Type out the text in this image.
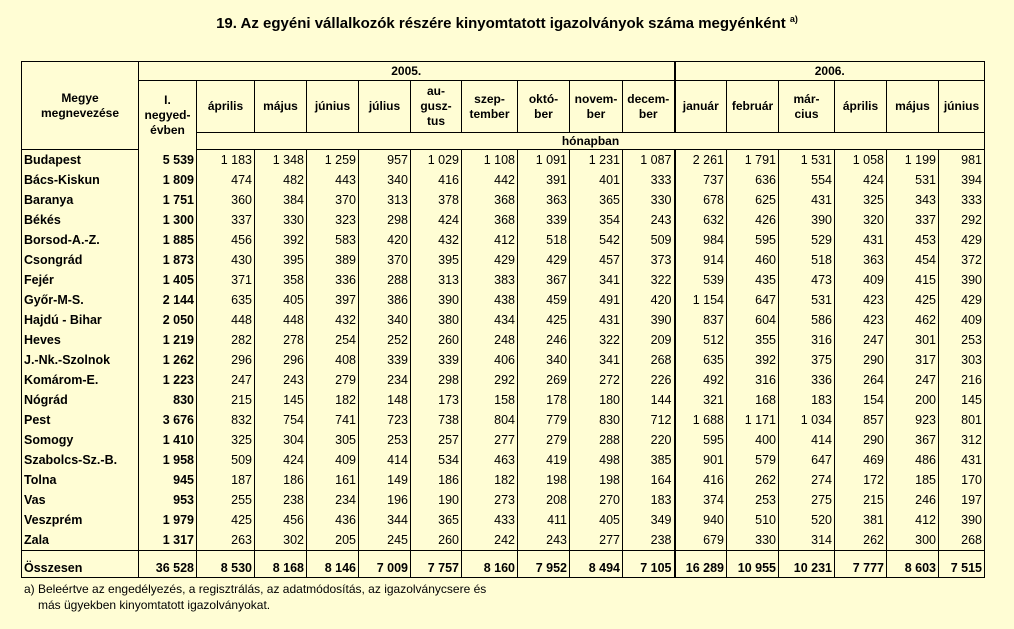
19. Az egyéni vállalkozók részére kinyomtatott igazolványok száma megyénként $^{a)}$
Megye
megnevezése	2005.										2006.					
	I.
negyed-
évben	április	május	június	július	au-
gusz-
tus	szep-
tember	októ-
ber	novem-
ber	decem-
ber	január	február	már-
cius	április	május	június
		hónapban														
Budapest	5 539	1 183	1 348	1 259	957	1 029	1 108	1 091	1 231	1 087	2 261	1 791	1 531	1 058	1 199	981
Bács-Kiskun	1 809	474	482	443	340	416	442	391	401	333	737	636	554	424	531	394
Baranya	1 751	360	384	370	313	378	368	363	365	330	678	625	431	325	343	333
Békés	1 300	337	330	323	298	424	368	339	354	243	632	426	390	320	337	292
Borsod-A.-Z.	1 885	456	392	583	420	432	412	518	542	509	984	595	529	431	453	429
Csongrád	1 873	430	395	389	370	395	429	429	457	373	914	460	518	363	454	372
Fejér	1 405	371	358	336	288	313	383	367	341	322	539	435	473	409	415	390
Győr-M-S.	2 144	635	405	397	386	390	438	459	491	420	1 154	647	531	423	425	429
Hajdú - Bihar	2 050	448	448	432	340	380	434	425	431	390	837	604	586	423	462	409
Heves	1 219	282	278	254	252	260	248	246	322	209	512	355	316	247	301	253
J.-Nk.-Szolnok	1 262	296	296	408	339	339	406	340	341	268	635	392	375	290	317	303
Komárom-E.	1 223	247	243	279	234	298	292	269	272	226	492	316	336	264	247	216
Nógrád	830	215	145	182	148	173	158	178	180	144	321	168	183	154	200	145
Pest	3 676	832	754	741	723	738	804	779	830	712	1 688	1 171	1 034	857	923	801
Somogy	1 410	325	304	305	253	257	277	279	288	220	595	400	414	290	367	312
Szabolcs-Sz.-B.	1 958	509	424	409	414	534	463	419	498	385	901	579	647	469	486	431
Tolna	945	187	186	161	149	186	182	198	198	164	416	262	274	172	185	170
Vas	953	255	238	234	196	190	273	208	270	183	374	253	275	215	246	197
Veszprém	1 979	425	456	436	344	365	433	411	405	349	940	510	520	381	412	390
Zala	1 317	263	302	205	245	260	242	243	277	238	679	330	314	262	300	268
Összesen	36 528	8 530	8 168	8 146	7 009	7 757	8 160	7 952	8 494	7 105	16 289	10 955	10 231	7 777	8 603	7 515
a) Beleértve az engedélyezés, a regisztrálás, az adatmódosítás, az igazolványcsere és
más ügyekben kinyomtatott igazolványokat.
